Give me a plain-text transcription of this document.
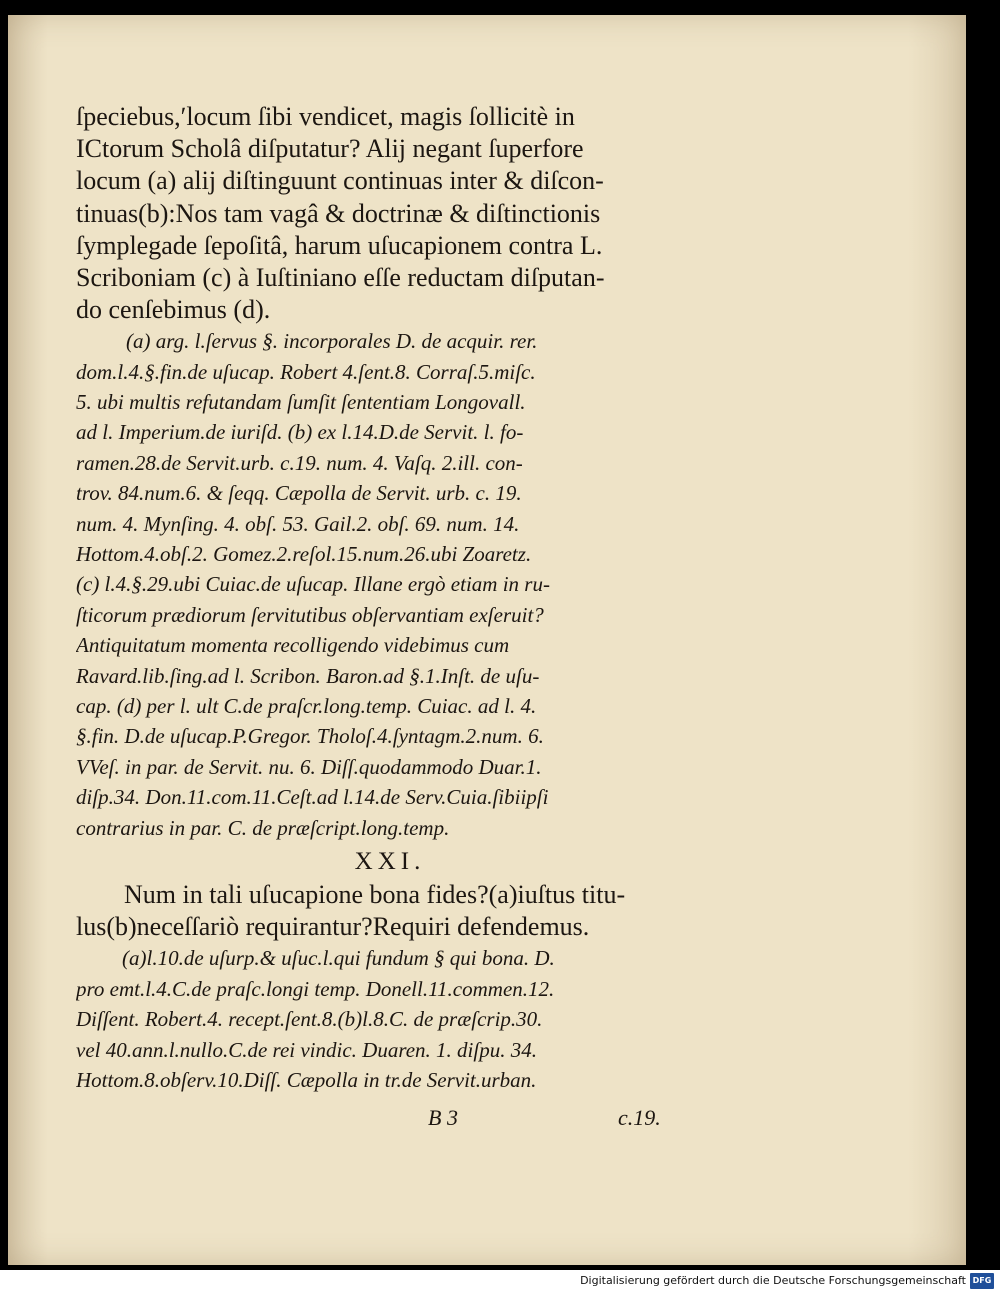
ſpeciebus,ʹlocum ſibi vendicet, magis ſollicitè in
ICtorum Scholâ diſputatur? Alij negant ſuperfore
locum (a) alij diſtinguunt continuas inter & diſcon-
tinuas(b):Nos tam vagâ & doctrinæ & diſtinctionis
ſymplegade ſepoſitâ, harum uſucapionem contra L.
Scriboniam (c) à Iuſtiniano eſſe reductam diſputan-
do cenſebimus (d).
(a) arg. l.ſervus §. incorporales D. de acquir. rer.
dom.l.4.§.fin.de uſucap. Robert 4.ſent.8. Corraſ.5.miſc.
5. ubi multis refutandam ſumſit ſententiam Longovall.
ad l. Imperium.de iuriſd. (b) ex l.14.D.de Servit. l. fo-
ramen.28.de Servit.urb. c.19. num. 4. Vaſq. 2.ill. con-
trov. 84.num.6. & ſeqq. Cæpolla de Servit. urb. c. 19.
num. 4. Mynſing. 4. obſ. 53. Gail.2. obſ. 69. num. 14.
Hottom.4.obſ.2. Gomez.2.reſol.15.num.26.ubi Zoaretz.
(c) l.4.§.29.ubi Cuiac.de uſucap. Illane ergò etiam in ru-
ſticorum prædiorum ſervitutibus obſervantiam exſeruit?
Antiquitatum momenta recolligendo videbimus cum
Ravard.lib.ſing.ad l. Scribon. Baron.ad §.1.Inſt. de uſu-
cap. (d) per l. ult C.de praſcr.long.temp. Cuiac. ad l. 4.
§.fin. D.de uſucap.P.Gregor. Tholoſ.4.ſyntagm.2.num. 6.
VVeſ. in par. de Servit. nu. 6. Diſſ.quodammodo Duar.1.
diſp.34. Don.11.com.11.Ceſt.ad l.14.de Serv.Cuia.ſibiipſi
contrarius in par. C. de præſcript.long.temp.
XXI.
Num in tali uſucapione bona fides?(a)iuſtus titu-
lus(b)neceſſariò requirantur?Requiri defendemus.
(a)l.10.de uſurp.& uſuc.l.qui fundum § qui bona. D.
pro emt.l.4.C.de praſc.longi temp. Donell.11.commen.12.
Diſſent. Robert.4. recept.ſent.8.(b)l.8.C. de præſcrip.30.
vel 40.ann.l.nullo.C.de rei vindic. Duaren. 1. diſpu. 34.
Hottom.8.obſerv.10.Diſſ. Cæpolla in tr.de Servit.urban.
B 3	c.19.
Digitalisierung gefördert durch die Deutsche Forschungsgemeinschaft DFG
